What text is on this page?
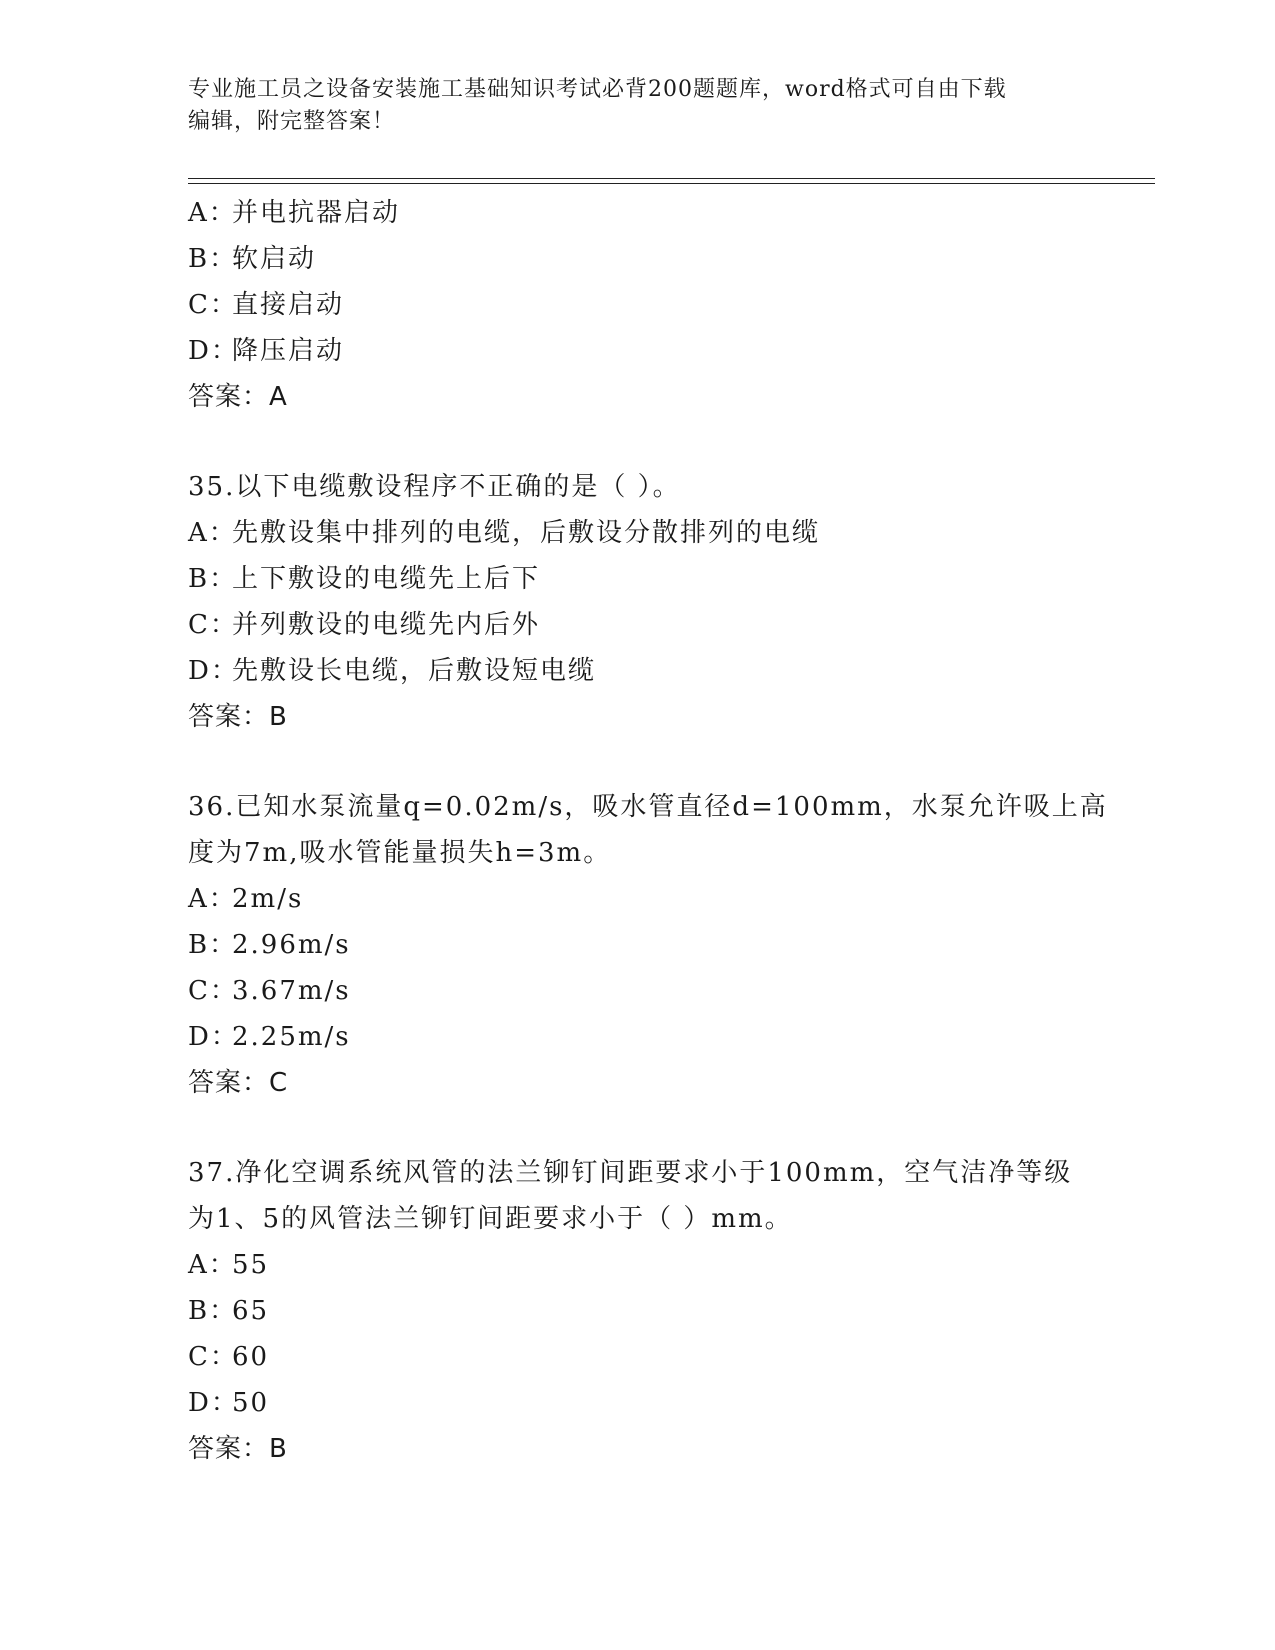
专业施工员之设备安装施工基础知识考试必背200题题库，word格式可自由下载
编辑，附完整答案！
A：并电抗器启动
B：软启动
C：直接启动
D：降压启动
答案：A
35.以下电缆敷设程序不正确的是（ ）。
A：先敷设集中排列的电缆，后敷设分散排列的电缆
B：上下敷设的电缆先上后下
C：并列敷设的电缆先内后外
D：先敷设长电缆，后敷设短电缆
答案：B
36.已知水泵流量q=0.02m/s，吸水管直径d=100mm，水泵允许吸上高
度为7m,吸水管能量损失h=3m。
A：2m/s
B：2.96m/s
C：3.67m/s
D：2.25m/s
答案：C
37.净化空调系统风管的法兰铆钉间距要求小于100mm，空气洁净等级
为1、5的风管法兰铆钉间距要求小于（ ）mm。
A：55
B：65
C：60
D：50
答案：B
